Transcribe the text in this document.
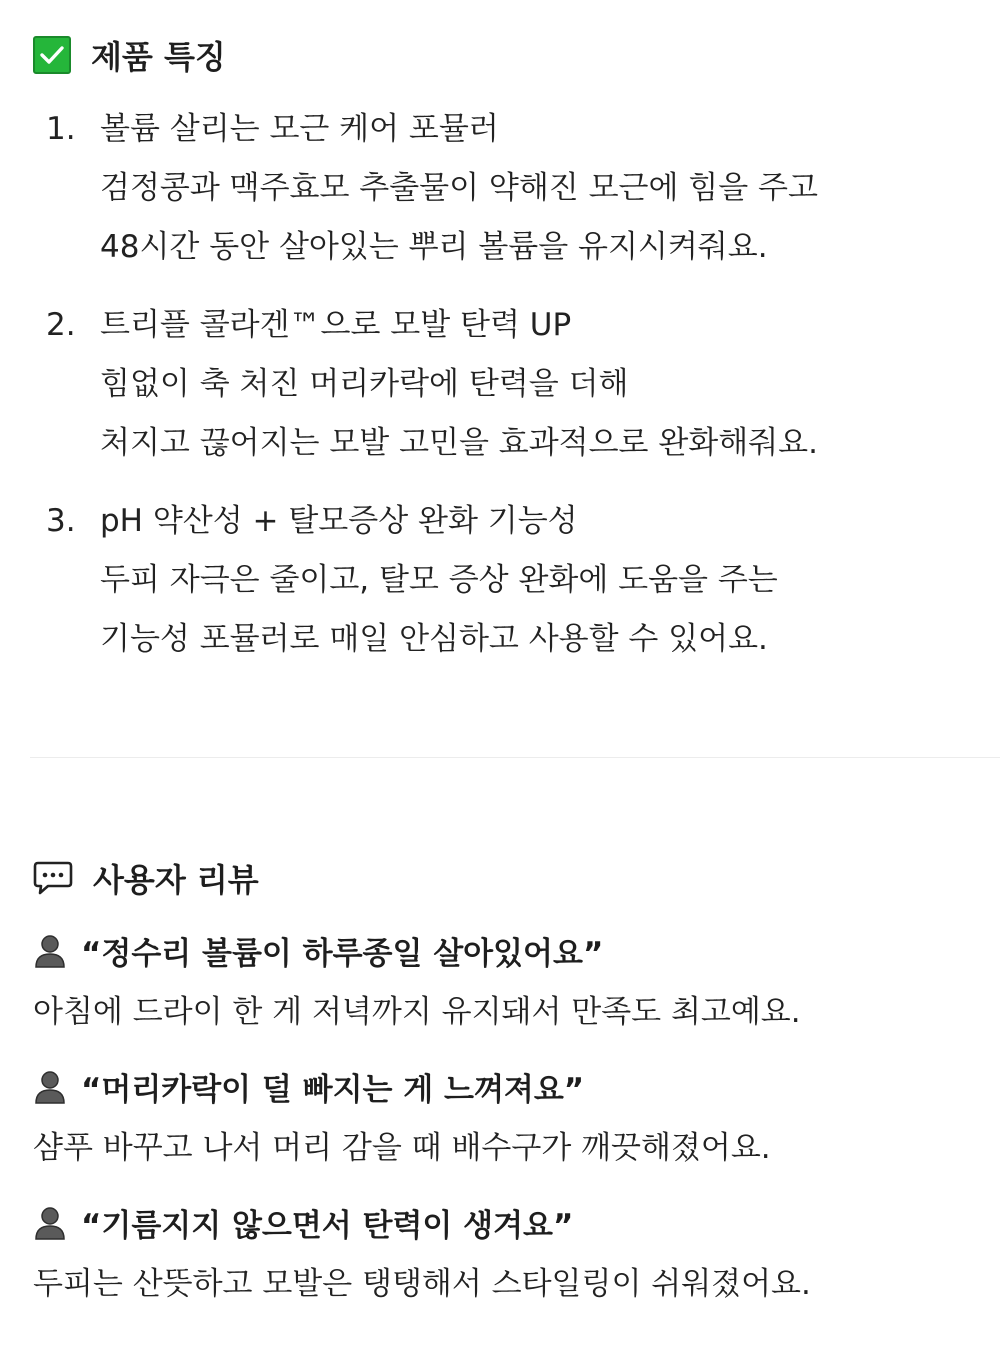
제품 특징
1. 볼륨 살리는 모근 케어 포뮬러
검정콩과 맥주효모 추출물이 약해진 모근에 힘을 주고
48시간 동안 살아있는 뿌리 볼륨을 유지시켜줘요.
2. 트리플 콜라겐™으로 모발 탄력 UP
힘없이 축 처진 머리카락에 탄력을 더해
처지고 끊어지는 모발 고민을 효과적으로 완화해줘요.
3. pH 약산성 + 탈모증상 완화 기능성
두피 자극은 줄이고, 탈모 증상 완화에 도움을 주는
기능성 포뮬러로 매일 안심하고 사용할 수 있어요.
사용자 리뷰
“정수리 볼륨이 하루종일 살아있어요”
아침에 드라이 한 게 저녁까지 유지돼서 만족도 최고예요.
“머리카락이 덜 빠지는 게 느껴져요”
샴푸 바꾸고 나서 머리 감을 때 배수구가 깨끗해졌어요.
“기름지지 않으면서 탄력이 생겨요”
두피는 산뜻하고 모발은 탱탱해서 스타일링이 쉬워졌어요.
